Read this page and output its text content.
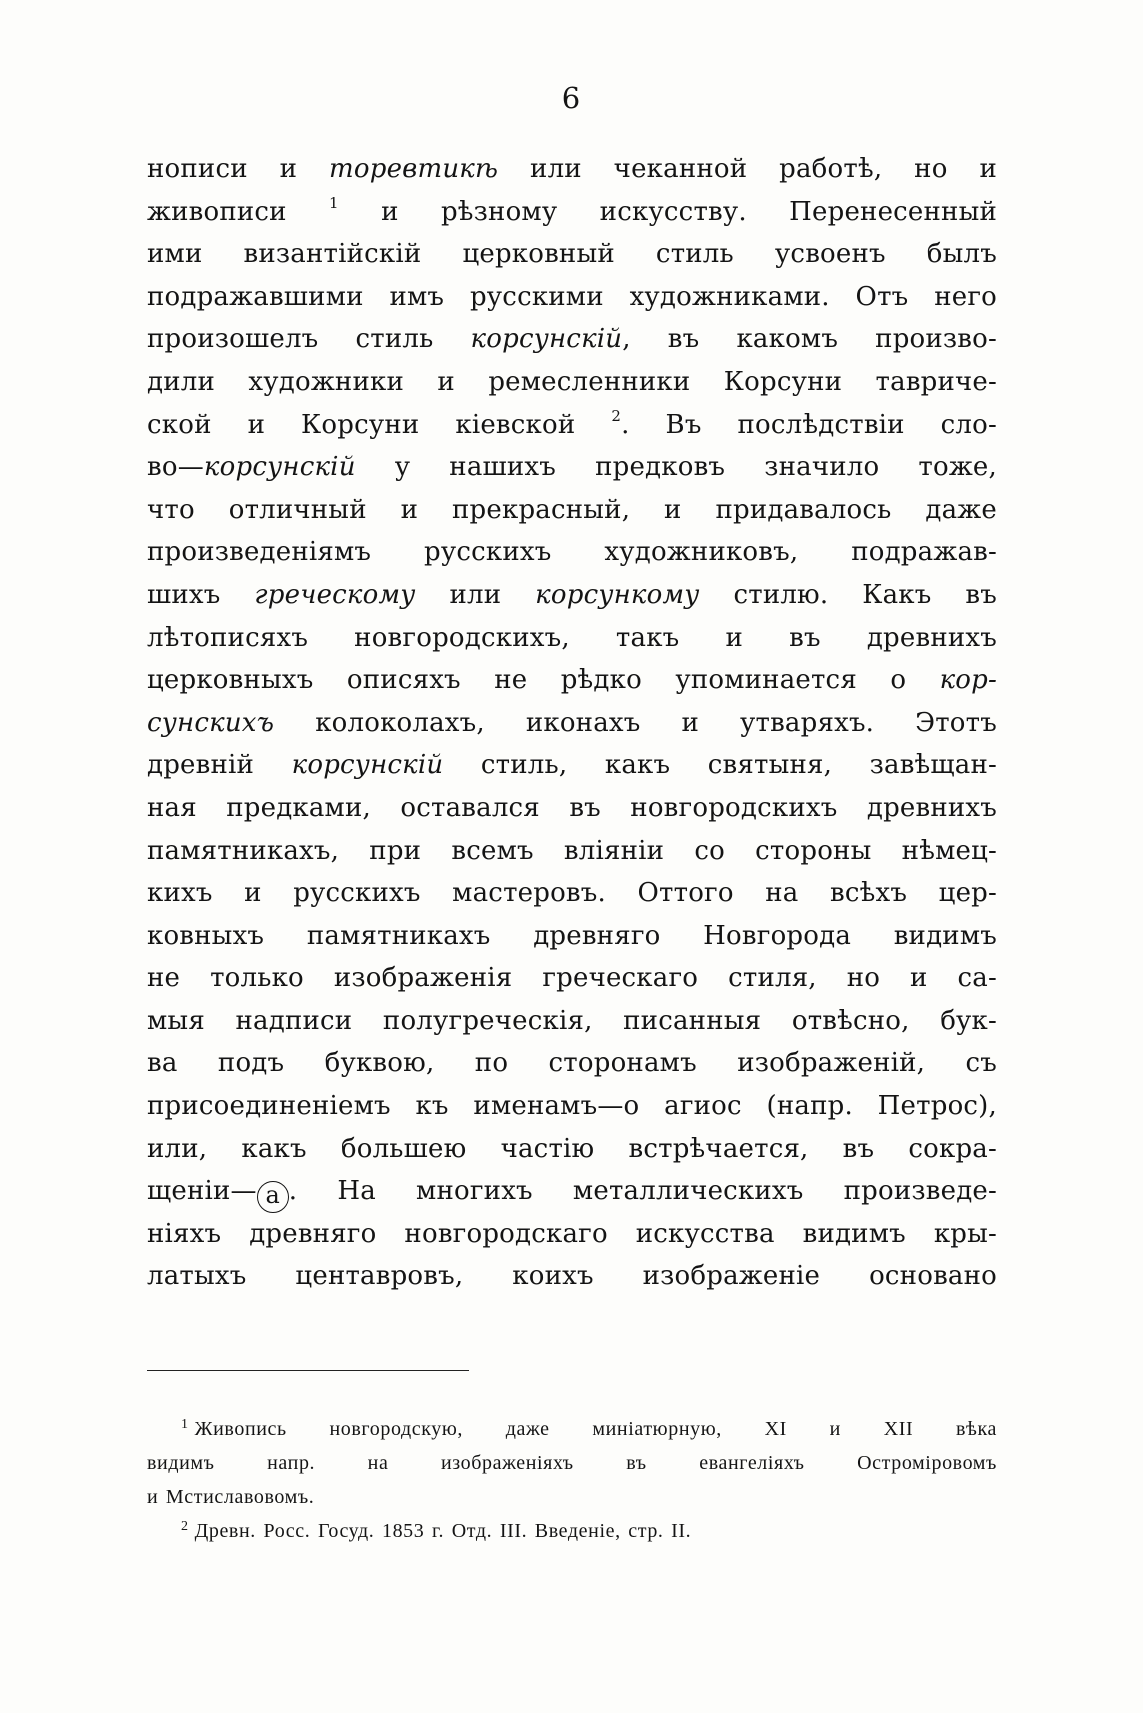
6
нописи и торевтикѣ или чеканной работѣ, но и
живописи $^1$ и рѣзному искусству. Перенесенный
ими византійскій церковный стиль усвоенъ былъ
подражавшими имъ русскими художниками. Отъ него
произошелъ стиль корсунскій, въ какомъ произво-
дили художники и ремесленники Корсуни тавриче-
ской и Корсуни кіевской $^2$. Въ послѣдствіи сло-
во—корсунскій у нашихъ предковъ значило тоже,
что отличный и прекрасный, и придавалось даже
произведеніямъ русскихъ художниковъ, подражав-
шихъ греческому или корсункому стилю. Какъ въ
лѣтописяхъ новгородскихъ, такъ и въ древнихъ
церковныхъ описяхъ не рѣдко упоминается о кор-
сунскихъ колоколахъ, иконахъ и утваряхъ. Этотъ
древній корсунскій стиль, какъ святыня, завѣщан-
ная предками, оставался въ новгородскихъ древнихъ
памятникахъ, при всемъ вліяніи со стороны нѣмец-
кихъ и русскихъ мастеровъ. Оттого на всѣхъ цер-
ковныхъ памятникахъ древняго Новгорода видимъ
не только изображенія греческаго стиля, но и са-
мыя надписи полугреческія, писанныя отвѣсно, бук-
ва подъ буквою, по сторонамъ изображеній, съ
присоединеніемъ къ именамъ—о агиос (напр. Петрос),
или, какъ большею частію встрѣчается, въ сокра-
щеніи— а . На многихъ металлическихъ произведе-
ніяхъ древняго новгородскаго искусства видимъ кры-
латыхъ центавровъ, коихъ изображеніе основано
$^1$ Живопись новгородскую, даже миніатюрную, XI и XII вѣка
видимъ напр. на изображеніяхъ въ евангеліяхъ Остроміровомъ
и Мстиславовомъ.
$^2$ Древн. Росс. Госуд. 1853 г. Отд. III. Введеніе, стр. II.
